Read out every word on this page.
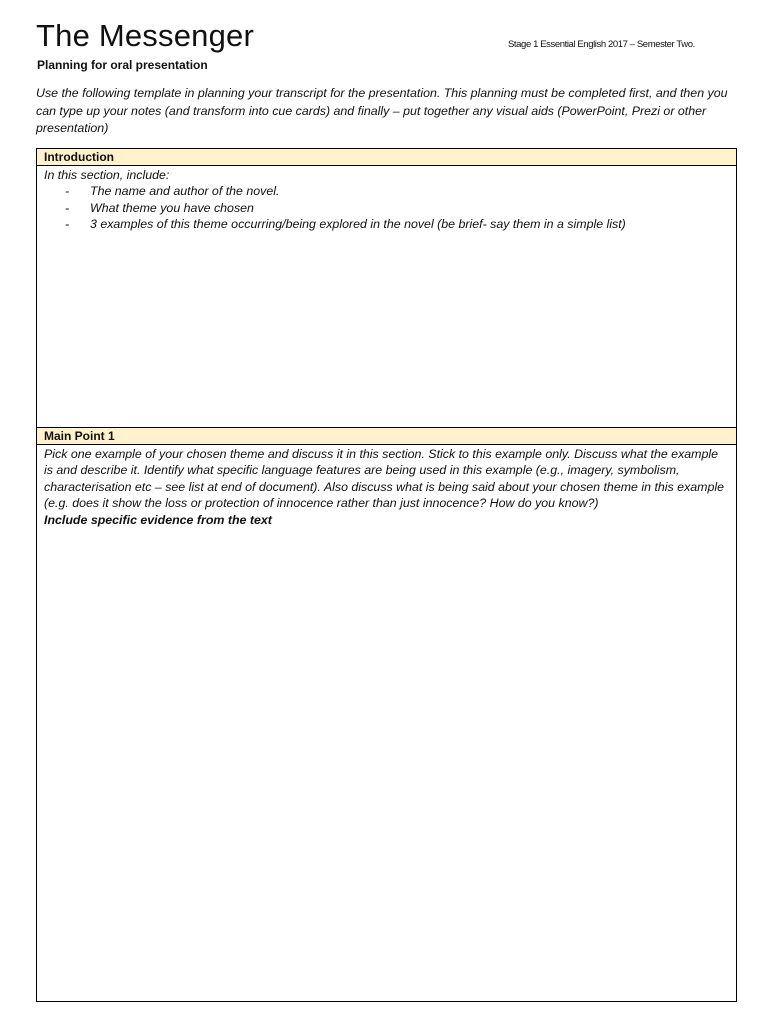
The Messenger	Stage 1 Essential English 2017 – Semester Two.
Planning for oral presentation

Use the following template in planning your transcript for the presentation. This planning must be completed first, and then you can type up your notes (and transform into cue cards) and finally – put together any visual aids (PowerPoint, Prezi or other presentation)

Introduction

In this section, include:

- The name and author of the novel.
- What theme you have chosen
- 3 examples of this theme occurring/being explored in the novel (be brief- say them in a simple list)
Main Point 1

Pick one example of your chosen theme and discuss it in this section. Stick to this example only. Discuss what the example is and describe it. Identify what specific language features are being used in this example (e.g., imagery, symbolism, characterisation etc – see list at end of document). Also discuss what is being said about your chosen theme in this example (e.g. does it show the loss or protection of innocence rather than just innocence? How do you know?)

Include specific evidence from the text
